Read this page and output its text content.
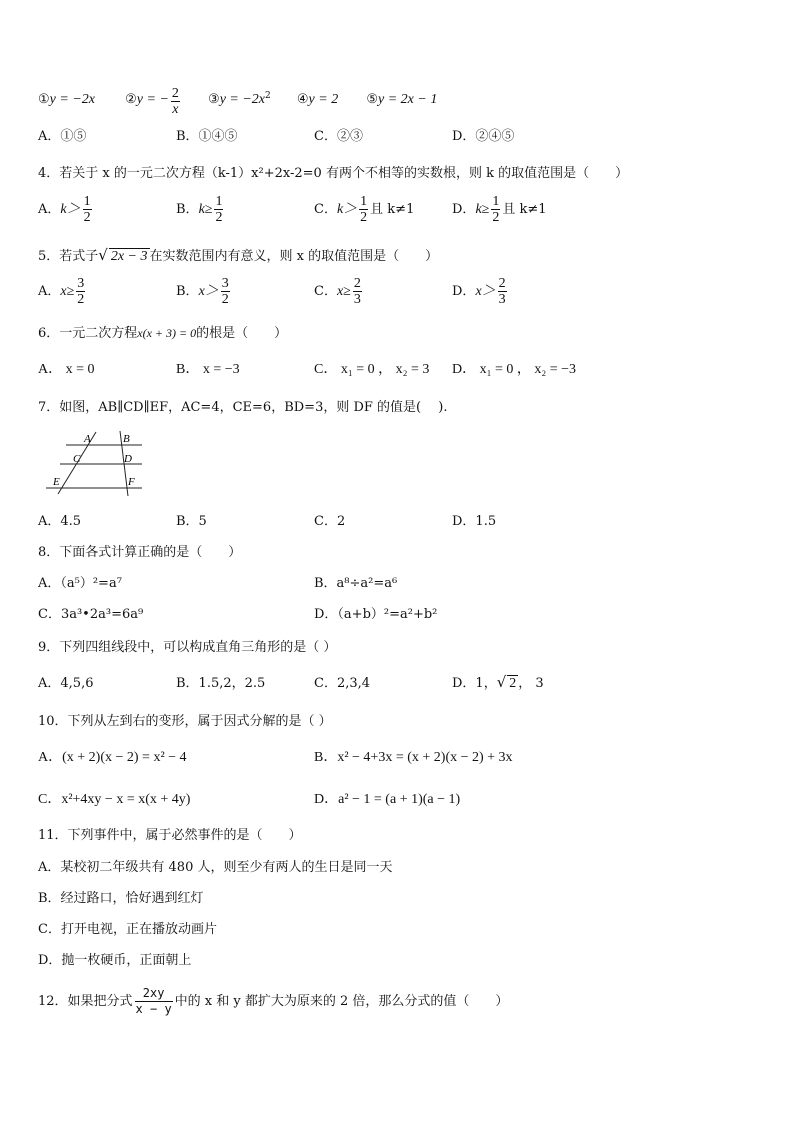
①y = −2x ②y = − $\frac{2}{x}$ ③y = $-2x^2$ ④y = 2 ⑤y = 2x − 1
A．①⑤	B．①④⑤	C．②③	D．②④⑤
4．若关于 x 的一元二次方程（k-1）x²+2x-2=0 有两个不相等的实数根，则 k 的取值范围是（　　）
A．$k> \frac{1}{2}$	B．$k\ge \frac{1}{2}$	C．$k> \frac{1}{2}$ 且 k≠1	D．$k\ge \frac{1}{2}$ 且 k≠1
5．若式子√ 2x − 3 在实数范围内有意义，则 x 的取值范围是（　　）
A．$x\ge \frac{3}{2}$	B．$x> \frac{3}{2}$	C．$x\ge \frac{2}{3}$	D．$x> \frac{2}{3}$
6．一元二次方程x(x + 3) = 0的根是（　　）
A． x = 0	B． x = −3	C． x₁ = 0 ， x₂ = 3 D． x₁ = 0 ， x₂ = −3
7．如图，AB∥CD∥EF，AC=4，CE=6，BD=3，则 DF 的值是(　 ).
A	B
C	D
E	F
A．4.5	B．5	C．2	D．1.5
8．下面各式计算正确的是（　　）
A．（a⁵）²=a⁷	B．a⁸÷a²=a⁶
C．3a³•2a³=6a⁹	D．（a+b）²=a²+b²
9．下列四组线段中，可以构成直角三角形的是（ ）
A．4,5,6	B．1.5,2，2.5	C．2,3,4	D．1，√ 2 ， 3
10．下列从左到右的变形，属于因式分解的是（ ）
A．(x + 2)(x − 2) = x² − 4	B．x² − 4+3x = (x + 2)(x − 2) + 3x
C．x²+4xy − x = x(x + 4y)	D．a² − 1 = (a + 1)(a − 1)
11．下列事件中，属于必然事件的是（　　）
A．某校初二年级共有 480 人，则至少有两人的生日是同一天
B．经过路口，恰好遇到红灯
C．打开电视，正在播放动画片
D．抛一枚硬币，正面朝上
12．如果把分式 $\frac{2xy}{x - y}$ 中的 x 和 y 都扩大为原来的 2 倍，那么分式的值（　　）
